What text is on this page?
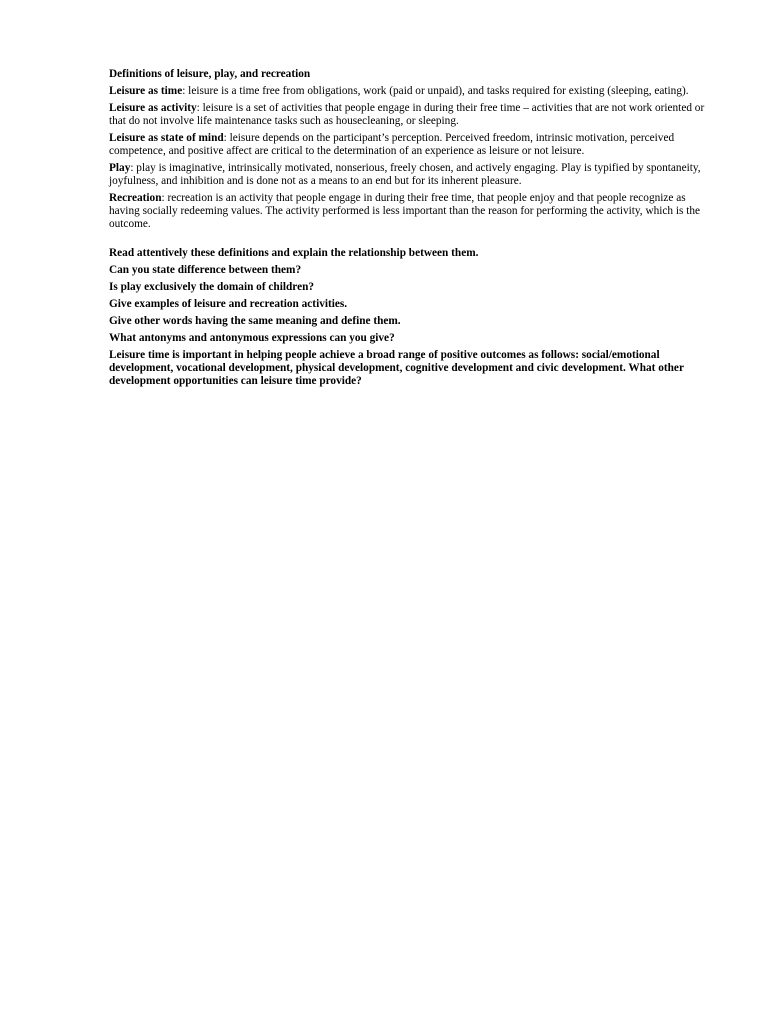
Definitions of leisure, play, and recreation
Leisure as time: leisure is a time free from obligations, work (paid or unpaid), and tasks required for existing (sleeping, eating).
Leisure as activity: leisure is a set of activities that people engage in during their free time – activities that are not work oriented or that do not involve life maintenance tasks such as housecleaning, or sleeping.
Leisure as state of mind: leisure depends on the participant’s perception. Perceived freedom, intrinsic motivation, perceived competence, and positive affect are critical to the determination of an experience as leisure or not leisure.
Play: play is imaginative, intrinsically motivated, nonserious, freely chosen, and actively engaging. Play is typified by spontaneity, joyfulness, and inhibition and is done not as a means to an end but for its inherent pleasure.
Recreation: recreation is an activity that people engage in during their free time, that people enjoy and that people recognize as having socially redeeming values. The activity performed is less important than the reason for performing the activity, which is the outcome.
Read attentively these definitions and explain the relationship between them.
Can you state difference between them?
Is play exclusively the domain of children?
Give examples of leisure and recreation activities.
Give other words having the same meaning and define them.
What antonyms and antonymous expressions can you give?
Leisure time is important in helping people achieve a broad range of positive outcomes as follows: social/emotional development, vocational development, physical development, cognitive development and civic development. What other development opportunities can leisure time provide?
